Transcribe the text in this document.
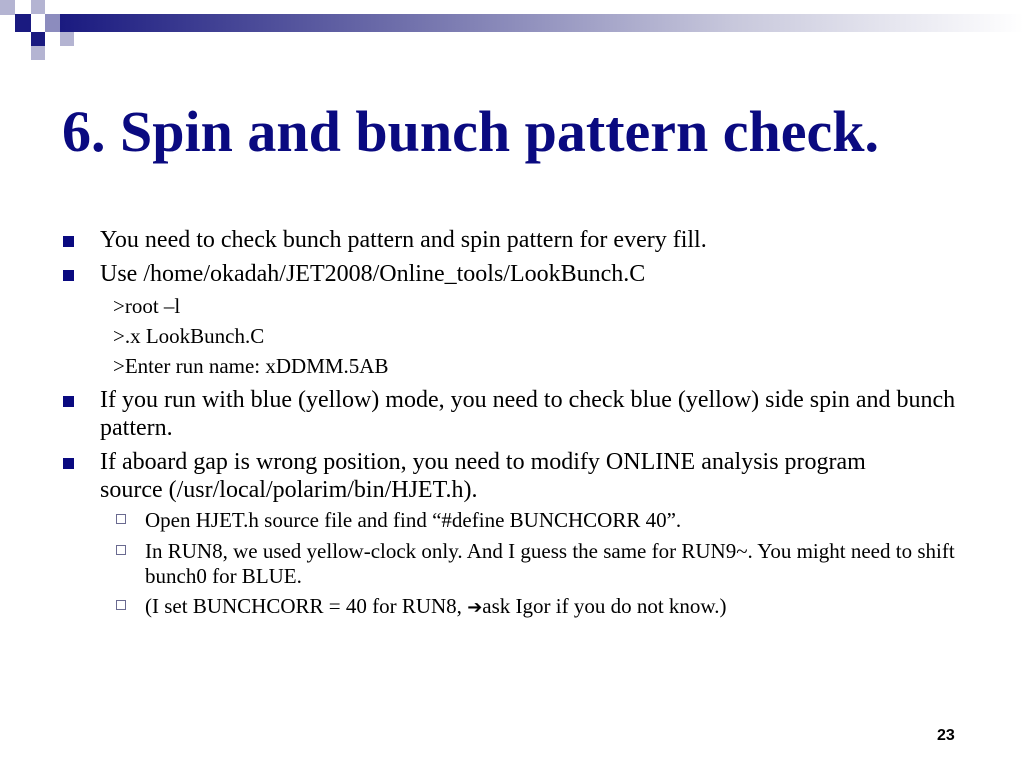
6. Spin and bunch pattern check.
You need to check bunch pattern and spin pattern for every fill.
Use /home/okadah/JET2008/Online_tools/LookBunch.C
>root –l
>.x LookBunch.C
>Enter run name: xDDMM.5AB
If you run with blue (yellow) mode, you need to check blue (yellow) side spin and bunch pattern.
If aboard gap is wrong position, you need to modify ONLINE analysis program source (/usr/local/polarim/bin/HJET.h).
Open HJET.h source file and find “#define BUNCHCORR 40”.
In RUN8, we used yellow-clock only. And I guess the same for RUN9~. You might need to shift bunch0 for BLUE.
(I set BUNCHCORR = 40 for RUN8, ➔ask Igor if you do not know.)
23
